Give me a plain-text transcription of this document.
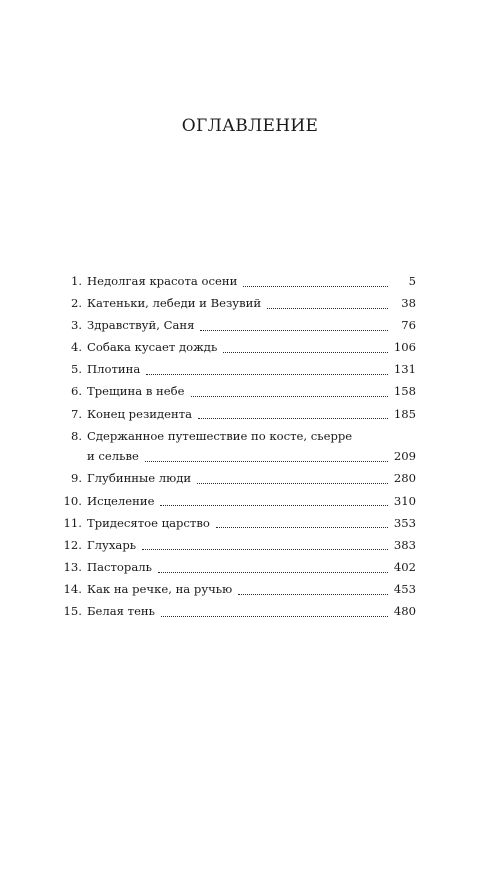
ОГЛАВЛЕНИЕ
1. Недолгая красота осени	5
2. Катеньки, лебеди и Везувий	38
3. Здравствуй, Саня	76
4. Собака кусает дождь	106
5. Плотина	131
6. Трещина в небе	158
7. Конец резидента	185
8. Сдержанное путешествие по косте, сьерре
и сельве	209
9. Глубинные люди	280
10. Исцеление	310
11. Тридесятое царство	353
12. Глухарь	383
13. Пастораль	402
14. Как на речке, на ручью	453
15. Белая тень	480
